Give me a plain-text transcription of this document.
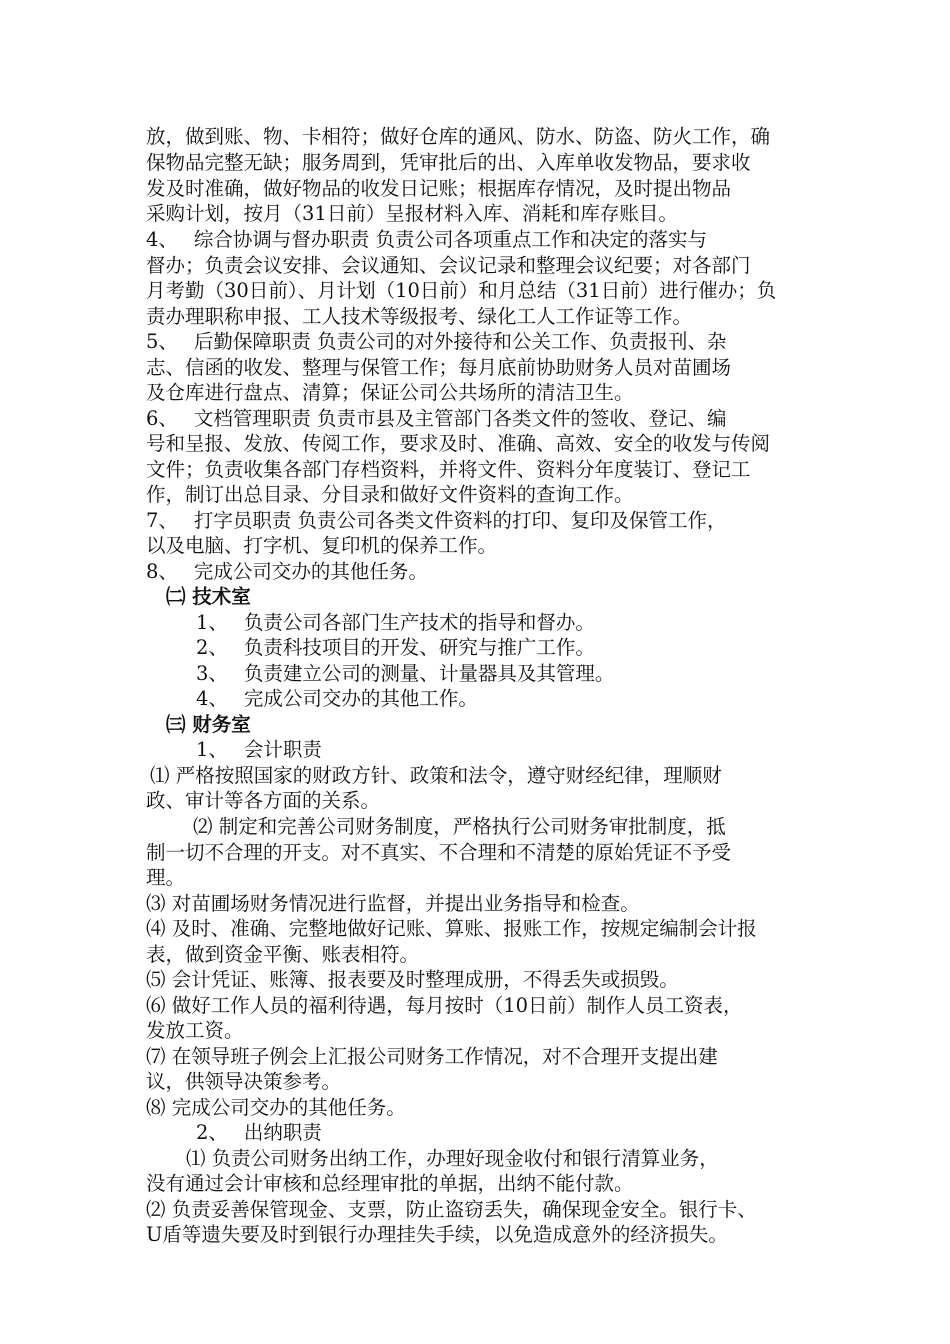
放，做到账、物、卡相符；做好仓库的通风、防水、防盗、防火工作，确
保物品完整无缺；服务周到，凭审批后的出、入库单收发物品，要求收
发及时准确，做好物品的收发日记账；根据库存情况，及时提出物品
采购计划，按月（31日前）呈报材料入库、消耗和库存账目。
4、　 综合协调与督办职责 负责公司各项重点工作和决定的落实与
督办；负责会议安排、会议通知、会议记录和整理会议纪要；对各部门
月考勤（30日前）、月计划（10日前）和月总结（31日前）进行催办；负
责办理职称申报、工人技术等级报考、绿化工人工作证等工作。
5、　 后勤保障职责 负责公司的对外接待和公关工作、负责报刊、杂
志、信函的收发、整理与保管工作；每月底前协助财务人员对苗圃场
及仓库进行盘点、清算；保证公司公共场所的清洁卫生。
6、　 文档管理职责 负责市县及主管部门各类文件的签收、登记、编
号和呈报、发放、传阅工作，要求及时、准确、高效、安全的收发与传阅
文件；负责收集各部门存档资料，并将文件、资料分年度装订、登记工
作，制订出总目录、分目录和做好文件资料的查询工作。
7、　 打字员职责 负责公司各类文件资料的打印、复印及保管工作，
以及电脑、打字机、复印机的保养工作。
8、　 完成公司交办的其他任务。
㈡ 技术室
1、　 负责公司各部门生产技术的指导和督办。
2、　 负责科技项目的开发、研究与推广工作。
3、　 负责建立公司的测量、计量器具及其管理。
4、　 完成公司交办的其他工作。
㈢ 财务室
1、　 会计职责
⑴ 严格按照国家的财政方针、政策和法令，遵守财经纪律，理顺财
政、审计等各方面的关系。
⑵ 制定和完善公司财务制度，严格执行公司财务审批制度，抵
制一切不合理的开支。对不真实、不合理和不清楚的原始凭证不予受
理。
⑶ 对苗圃场财务情况进行监督，并提出业务指导和检查。
⑷ 及时、准确、完整地做好记账、算账、报账工作，按规定编制会计报
表，做到资金平衡、账表相符。
⑸ 会计凭证、账簿、报表要及时整理成册，不得丢失或损毁。
⑹ 做好工作人员的福利待遇，每月按时（10日前）制作人员工资表，
发放工资。
⑺ 在领导班子例会上汇报公司财务工作情况，对不合理开支提出建
议，供领导决策参考。
⑻ 完成公司交办的其他任务。
2、　 出纳职责
⑴ 负责公司财务出纳工作，办理好现金收付和银行清算业务，
没有通过会计审核和总经理审批的单据，出纳不能付款。
⑵ 负责妥善保管现金、支票，防止盗窃丢失，确保现金安全。银行卡、
U盾等遗失要及时到银行办理挂失手续，以免造成意外的经济损失。
